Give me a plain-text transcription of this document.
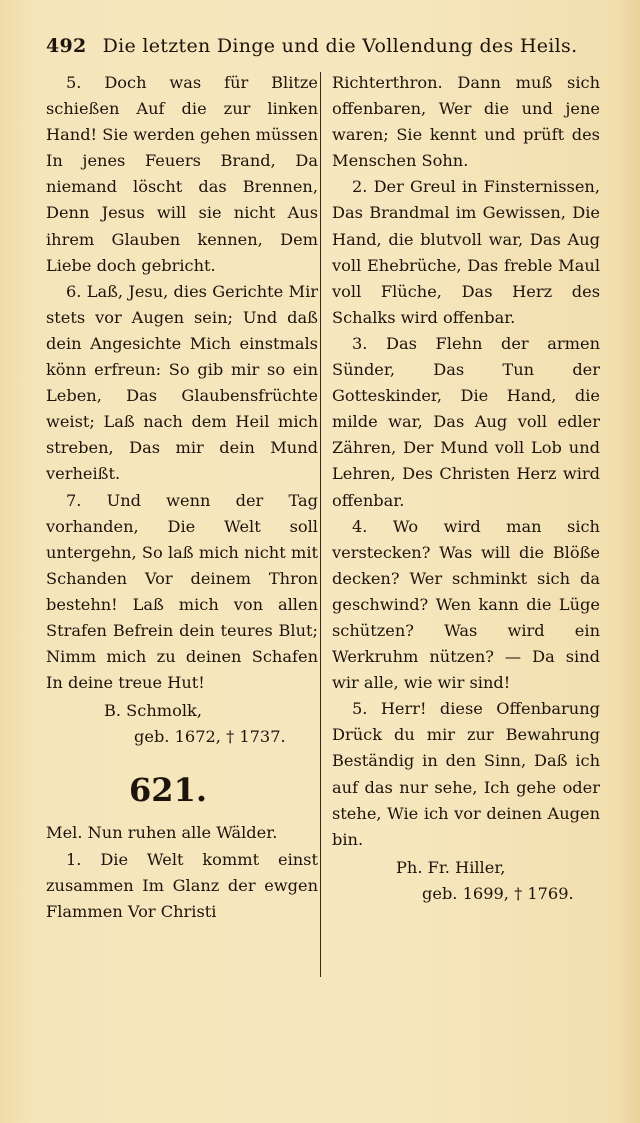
492 Die letzten Dinge und die Vollendung des Heils.

5. Doch was für Blitze schießen Auf die zur linken Hand! Sie werden gehen müssen In jenes Feuers Brand, Da niemand löscht das Brennen, Denn Jesus will sie nicht Aus ihrem Glauben kennen, Dem Liebe doch gebricht.

6. Laß, Jesu, dies Gerichte Mir stets vor Augen sein; Und daß dein Angesichte Mich einstmals könn erfreun: So gib mir so ein Leben, Das Glaubensfrüchte weist; Laß nach dem Heil mich streben, Das mir dein Mund verheißt.

7. Und wenn der Tag vorhanden, Die Welt soll untergehn, So laß mich nicht mit Schanden Vor deinem Thron bestehn! Laß mich von allen Strafen Befrein dein teures Blut; Nimm mich zu deinen Schafen In deine treue Hut!

B. Schmolk,
geb. 1672, † 1737.

621.

Mel. Nun ruhen alle Wälder.

1. Die Welt kommt einst zusammen Im Glanz der ewgen Flammen Vor Christi

Richterthron. Dann muß sich offenbaren, Wer die und jene waren; Sie kennt und prüft des Menschen Sohn.

2. Der Greul in Finsternissen, Das Brandmal im Gewissen, Die Hand, die blutvoll war, Das Aug voll Ehebrüche, Das freble Maul voll Flüche, Das Herz des Schalks wird offenbar.

3. Das Flehn der armen Sünder, Das Tun der Gotteskinder, Die Hand, die milde war, Das Aug voll edler Zähren, Der Mund voll Lob und Lehren, Des Christen Herz wird offenbar.

4. Wo wird man sich verstecken? Was will die Blöße decken? Wer schminkt sich da geschwind? Wen kann die Lüge schützen? Was wird ein Werkruhm nützen? — Da sind wir alle, wie wir sind!

5. Herr! diese Offenbarung Drück du mir zur Bewahrung Beständig in den Sinn, Daß ich auf das nur sehe, Ich gehe oder stehe, Wie ich vor deinen Augen bin.

Ph. Fr. Hiller,
geb. 1699, † 1769.
